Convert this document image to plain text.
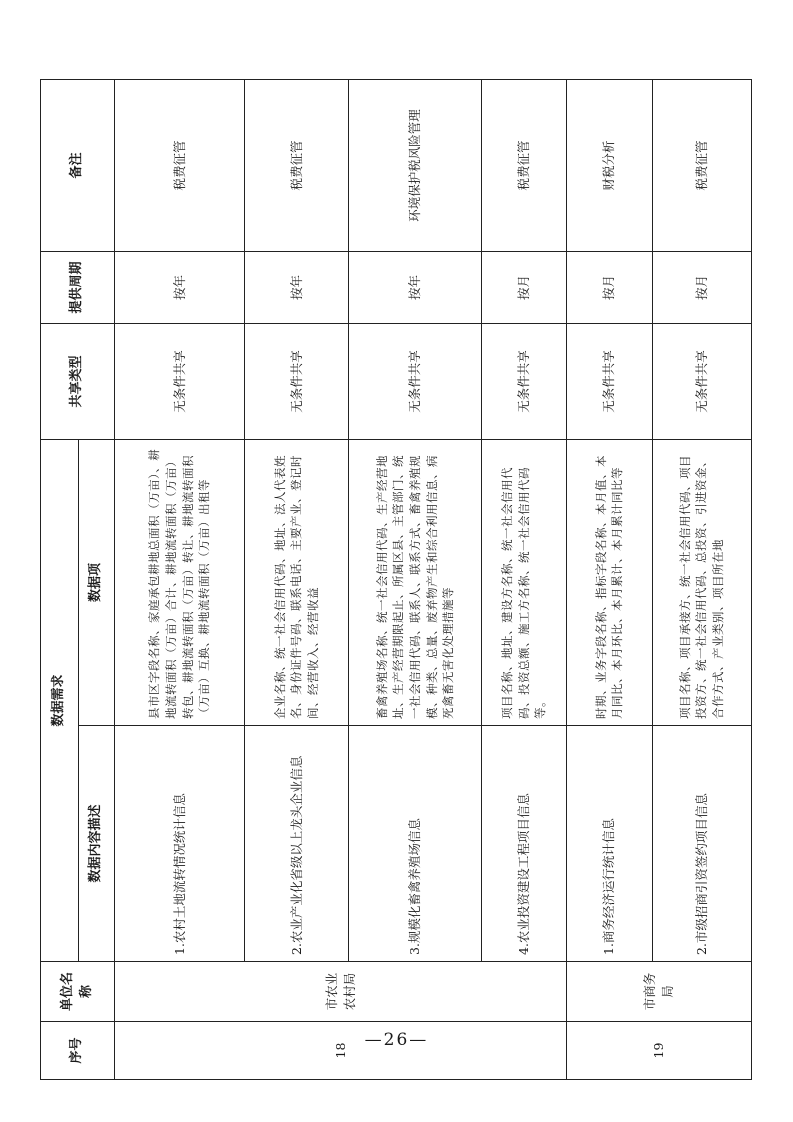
序号	单位名称	数据需求		共享类型	提供周期	备注
		数据内容描述	数据项			
18	市农业农村局	1.农村土地流转情况统计信息	县市区字段名称、家庭承包耕地总面积（万亩）、耕地流转面积（万亩）合计、耕地流转面积（万亩）转包、耕地流转面积（万亩）转让、耕地流转面积（万亩）互换、耕地流转面积（万亩）出租等	无条件共享	按年	税费征管
		2.农业产业化省级以上龙头企业信息	企业名称、统一社会信用代码、地址、法人代表姓名、身份证件号码、联系电话、主要产业、登记时间、经营收入、经营收益	无条件共享	按年	税费征管
		3.规模化畜禽养殖场信息	畜禽养殖场名称、统一社会信用代码、生产经营地址、生产经营期限起止、所属区县、主管部门、统一社会信用代码、联系人、联系方式、畜禽养殖规模、种类、总量、废弃物产生和综合利用信息、病死禽畜无害化处理措施等	无条件共享	按年	环境保护税风险管理
		4.农业投资建设工程项目信息	项目名称、地址、建设方名称、统一社会信用代码、投资总额、施工方名称、统一社会信用代码等。	无条件共享	按月	税费征管
19	市商务局	1.商务经济运行统计信息	时期、业务字段名称、指标字段名称、本月值、本月同比、本月环比、本月累计、本月累计同比等	无条件共享	按月	财税分析
		2.市级招商引资签约项目信息	项目名称、项目承接方、统一社会信用代码、项目投资方、统一社会信用代码、总投资、引进资金、合作方式、产业类别、项目所在地	无条件共享	按月	税费征管
—26—
